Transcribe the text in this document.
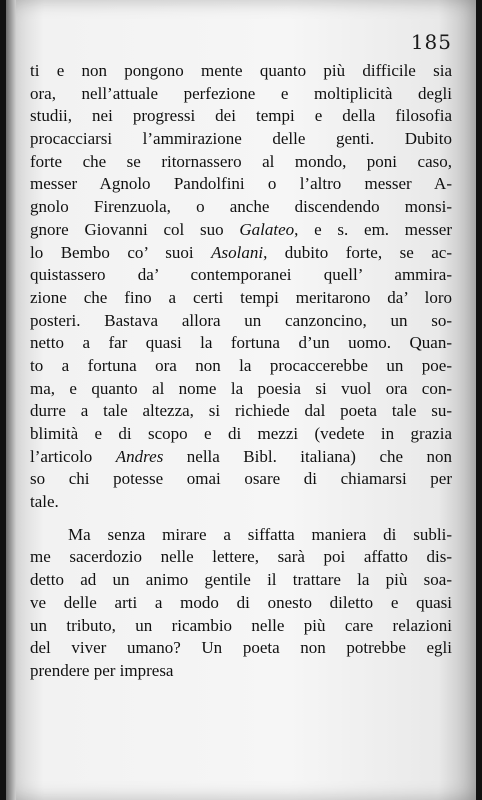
185
ti e non pongono mente quanto più difficile sia
ora, nell’attuale perfezione e moltiplicità degli
studii, nei progressi dei tempi e della filosofia
procacciarsi l’ammirazione delle genti. Dubito
forte che se ritornassero al mondo, poni caso,
messer Agnolo Pandolfini o l’altro messer A-
gnolo Firenzuola, o anche discendendo monsi-
gnore Giovanni col suo Galateo, e s. em. messer
lo Bembo co’ suoi Asolani, dubito forte, se ac-
quistassero da’ contemporanei quell’ ammira-
zione che fino a certi tempi meritarono da’ loro
posteri. Bastava allora un canzoncino, un so-
netto a far quasi la fortuna d’un uomo. Quan-
to a fortuna ora non la procaccerebbe un poe-
ma, e quanto al nome la poesia si vuol ora con-
durre a tale altezza, si richiede dal poeta tale su-
blimità e di scopo e di mezzi (vedete in grazia
l’articolo Andres nella Bibl. italiana) che non
so chi potesse omai osare di chiamarsi per
tale.
Ma senza mirare a siffatta maniera di subli-
me sacerdozio nelle lettere, sarà poi affatto dis-
detto ad un animo gentile il trattare la più soa-
ve delle arti a modo di onesto diletto e quasi
un tributo, un ricambio nelle più care relazioni
del viver umano? Un poeta non potrebbe egli
prendere per impresa
